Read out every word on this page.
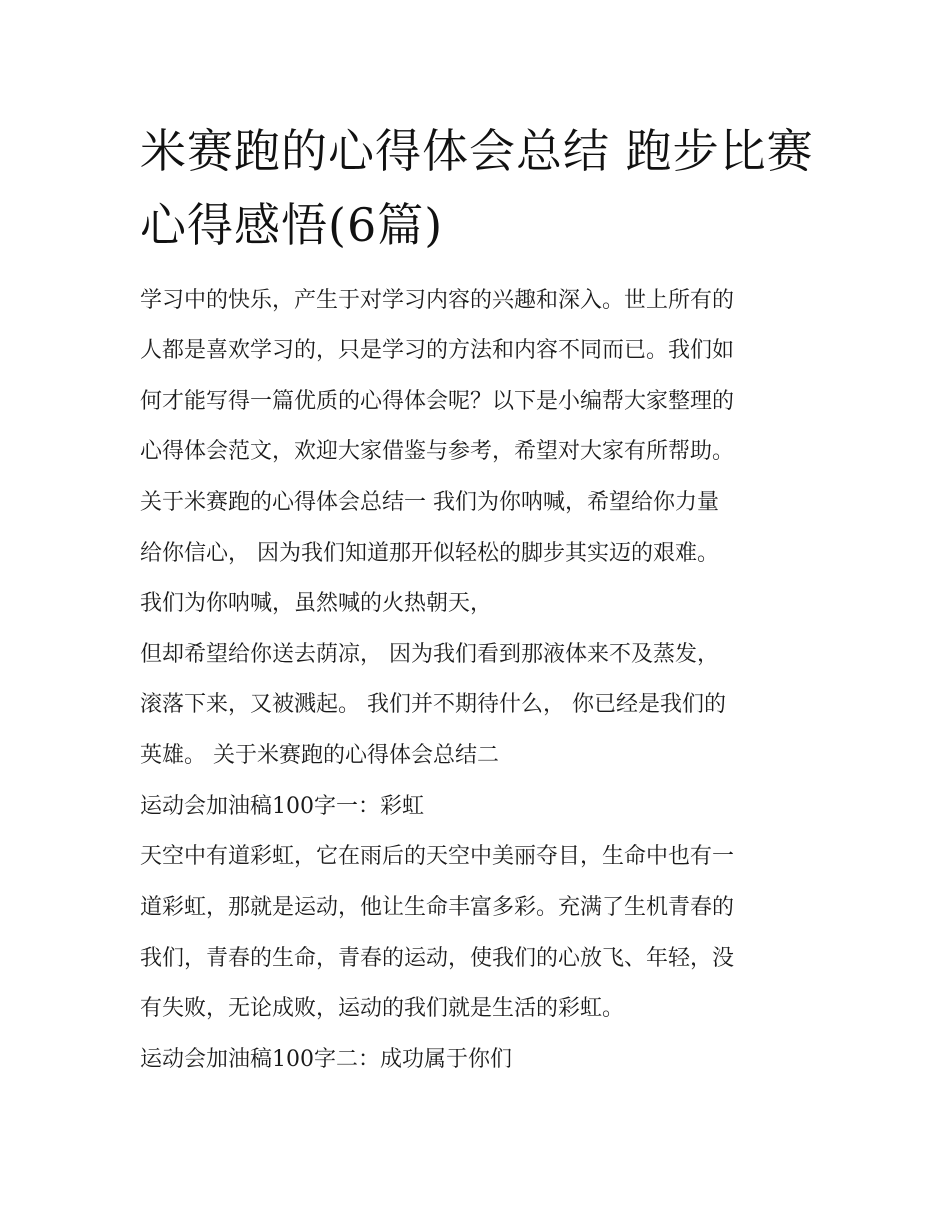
米赛跑的心得体会总结 跑步比赛心得感悟(6篇)

学习中的快乐，产生于对学习内容的兴趣和深入。世上所有的

人都是喜欢学习的，只是学习的方法和内容不同而已。我们如

何才能写得一篇优质的心得体会呢？以下是小编帮大家整理的

心得体会范文，欢迎大家借鉴与参考，希望对大家有所帮助。

关于米赛跑的心得体会总结一 我们为你呐喊，希望给你力量

给你信心， 因为我们知道那开似轻松的脚步其实迈的艰难。

我们为你呐喊，虽然喊的火热朝天，

但却希望给你送去荫凉， 因为我们看到那液体来不及蒸发，

滚落下来，又被溅起。 我们并不期待什么， 你已经是我们的

英雄。 关于米赛跑的心得体会总结二

运动会加油稿100字一：彩虹

天空中有道彩虹，它在雨后的天空中美丽夺目，生命中也有一

道彩虹，那就是运动，他让生命丰富多彩。充满了生机青春的

我们，青春的生命，青春的运动，使我们的心放飞、年轻，没

有失败，无论成败，运动的我们就是生活的彩虹。

运动会加油稿100字二：成功属于你们
